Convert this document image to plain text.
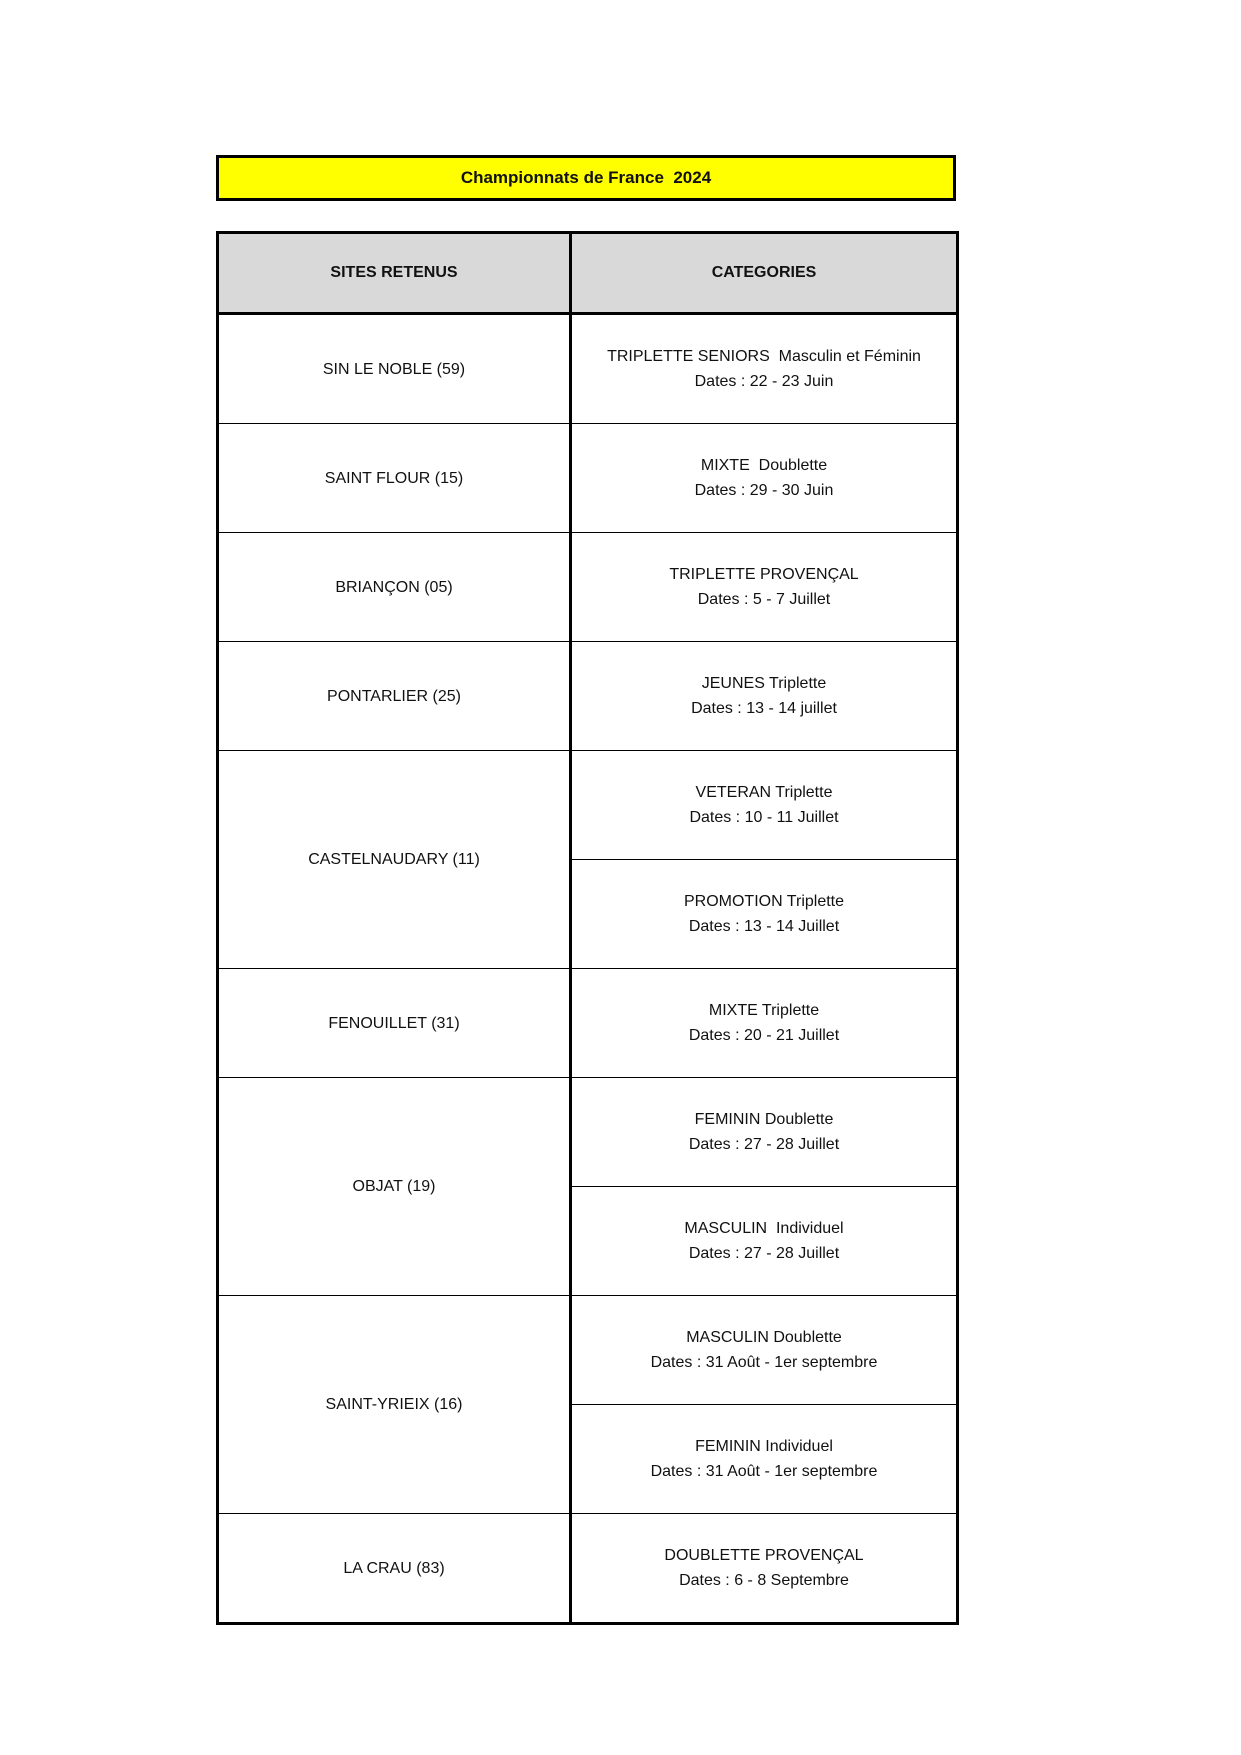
Championnats de France  2024
SITES RETENUS	CATEGORIES
SIN LE NOBLE (59)	TRIPLETTE SENIORS  Masculin et Féminin
Dates : 22 - 23 Juin

SAINT FLOUR (15)	MIXTE  Doublette
Dates : 29 - 30 Juin

BRIANÇON (05)	TRIPLETTE PROVENÇAL
Dates : 5 - 7 Juillet

PONTARLIER (25)	JEUNES Triplette
Dates : 13 - 14 juillet

CASTELNAUDARY (11)	VETERAN Triplette
Dates : 10 - 11 Juillet

	PROMOTION Triplette
Dates : 13 - 14 Juillet

FENOUILLET (31)	MIXTE Triplette
Dates : 20 - 21 Juillet

OBJAT (19)	FEMININ Doublette
Dates : 27 - 28 Juillet

	MASCULIN  Individuel
Dates : 27 - 28 Juillet

SAINT-YRIEIX (16)	MASCULIN Doublette
Dates : 31 Août - 1er septembre

	FEMININ Individuel
Dates : 31 Août - 1er septembre

LA CRAU (83)	DOUBLETTE PROVENÇAL
Dates : 6 - 8 Septembre
